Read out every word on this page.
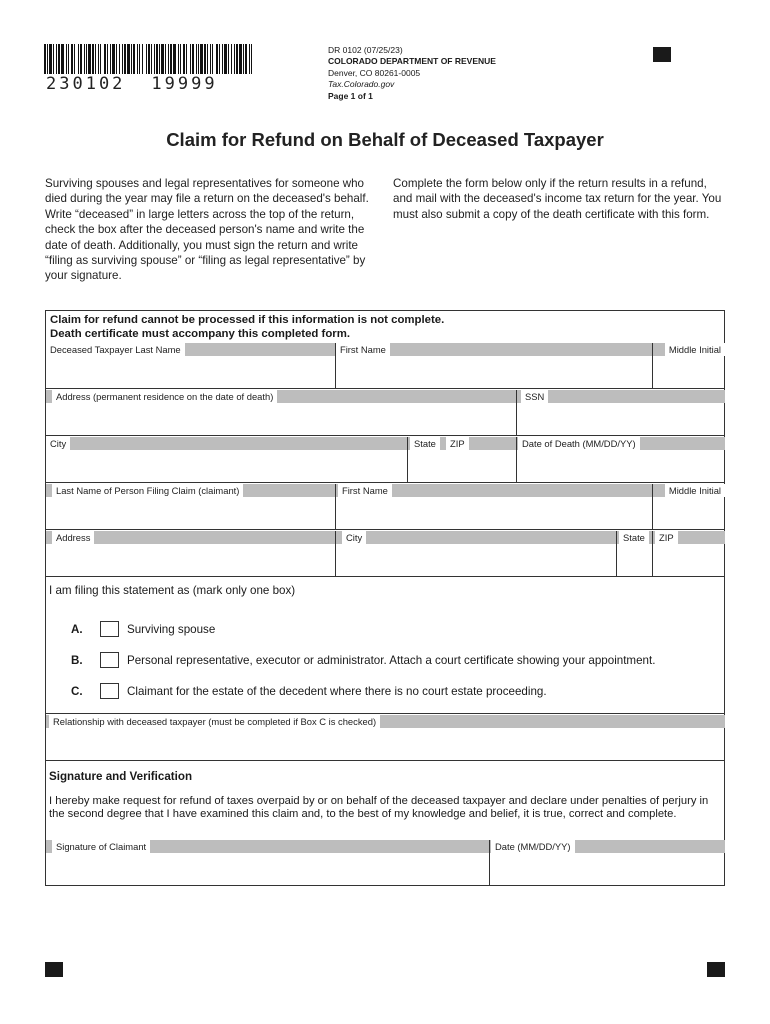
230102 19999
DR 0102 (07/25/23)
COLORADO DEPARTMENT OF REVENUE
Denver, CO 80261-0005
Tax.Colorado.gov
Page 1 of 1
Claim for Refund on Behalf of Deceased Taxpayer
Surviving spouses and legal representatives for someone who died during the year may file a return on the deceased's behalf. Write “deceased” in large letters across the top of the return, check the box after the deceased person's name and write the date of death. Additionally, you must sign the return and write “filing as surviving spouse” or “filing as legal representative” by your signature.
Complete the form below only if the return results in a refund, and mail with the deceased's income tax return for the year. You must also submit a copy of the death certificate with this form.
Claim for refund cannot be processed if this information is not complete.
Death certificate must accompany this completed form.
Deceased Taxpayer Last Name	First Name	Middle Initial
Address (permanent residence on the date of death)	SSN
City	State	ZIP	Date of Death (MM/DD/YY)
Last Name of Person Filing Claim (claimant)	First Name	Middle Initial
Address	City	State	ZIP
I am filing this statement as (mark only one box)
A.	Surviving spouse
B.	Personal representative, executor or administrator. Attach a court certificate showing your appointment.
C.	Claimant for the estate of the decedent where there is no court estate proceeding.
Relationship with deceased taxpayer (must be completed if Box C is checked)
Signature and Verification
I hereby make request for refund of taxes overpaid by or on behalf of the deceased taxpayer and declare under penalties of perjury in the second degree that I have examined this claim and, to the best of my knowledge and belief, it is true, correct and complete.
Signature of Claimant	Date (MM/DD/YY)
